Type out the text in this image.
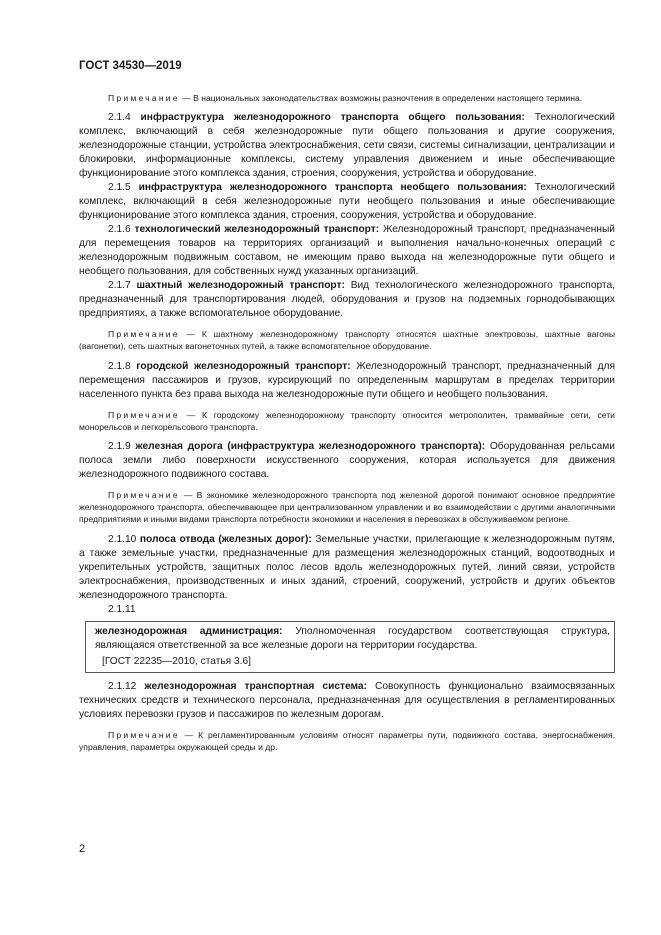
ГОСТ 34530—2019

Примечание — В национальных законодательствах возможны разночтения в определении настоящего термина.

2.1.4 инфраструктура железнодорожного транспорта общего пользования: Технологический комплекс, включающий в себя железнодорожные пути общего пользования и другие сооружения, железнодорожные станции, устройства электроснабжения, сети связи, системы сигнализации, централизации и блокировки, информационные комплексы, систему управления движением и иные обеспечивающие функционирование этого комплекса здания, строения, сооружения, устройства и оборудование.

2.1.5 инфраструктура железнодорожного транспорта необщего пользования: Технологический комплекс, включающий в себя железнодорожные пути необщего пользования и иные обеспечивающие функционирование этого комплекса здания, строения, сооружения, устройства и оборудование.

2.1.6 технологический железнодорожный транспорт: Железнодорожный транспорт, предназначенный для перемещения товаров на территориях организаций и выполнения начально-конечных операций с железнодорожным подвижным составом, не имеющим право выхода на железнодорожные пути общего и необщего пользования, для собственных нужд указанных организаций.

2.1.7 шахтный железнодорожный транспорт: Вид технологического железнодорожного транспорта, предназначенный для транспортирования людей, оборудования и грузов на подземных горнодобывающих предприятиях, а также вспомогательное оборудование.

Примечание — К шахтному железнодорожному транспорту относятся шахтные электровозы, шахтные вагоны (вагонетки), сеть шахтных вагонеточных путей, а также вспомогательное оборудование.

2.1.8 городской железнодорожный транспорт: Железнодорожный транспорт, предназначенный для перемещения пассажиров и грузов, курсирующий по определенным маршрутам в пределах территории населенного пункта без права выхода на железнодорожные пути общего и необщего пользования.

Примечание — К городскому железнодорожному транспорту относится метрополитен, трамвайные сети, сети монорельсов и легкорельсового транспорта.

2.1.9 железная дорога (инфраструктура железнодорожного транспорта): Оборудованная рельсами полоса земли либо поверхности искусственного сооружения, которая используется для движения железнодорожного подвижного состава.

Примечание — В экономике железнодорожного транспорта под железной дорогой понимают основное предприятие железнодорожного транспорта, обеспечивающее при централизованном управлении и во взаимодействии с другими аналогичными предприятиями и иными видами транспорта потребности экономики и населения в перевозках в обслуживаемом регионе.

2.1.10 полоса отвода (железных дорог): Земельные участки, прилегающие к железнодорожным путям, а также земельные участки, предназначенные для размещения железнодорожных станций, водоотводных и укрепительных устройств, защитных полос лесов вдоль железнодорожных путей, линий связи, устройств электроснабжения, производственных и иных зданий, строений, сооружений, устройств и других объектов железнодорожного транспорта.

2.1.11

железнодорожная администрация: Уполномоченная государством соответствующая структура, являющаяся ответственной за все железные дороги на территории государства.

[ГОСТ 22235—2010, статья 3.6]

2.1.12 железнодорожная транспортная система: Совокупность функционально взаимосвязанных технических средств и технического персонала, предназначенная для осуществления в регламентированных условиях перевозки грузов и пассажиров по железным дорогам.

Примечание — К регламентированным условиям относят параметры пути, подвижного состава, энергоснабжения, управления, параметры окружающей среды и др.

2
